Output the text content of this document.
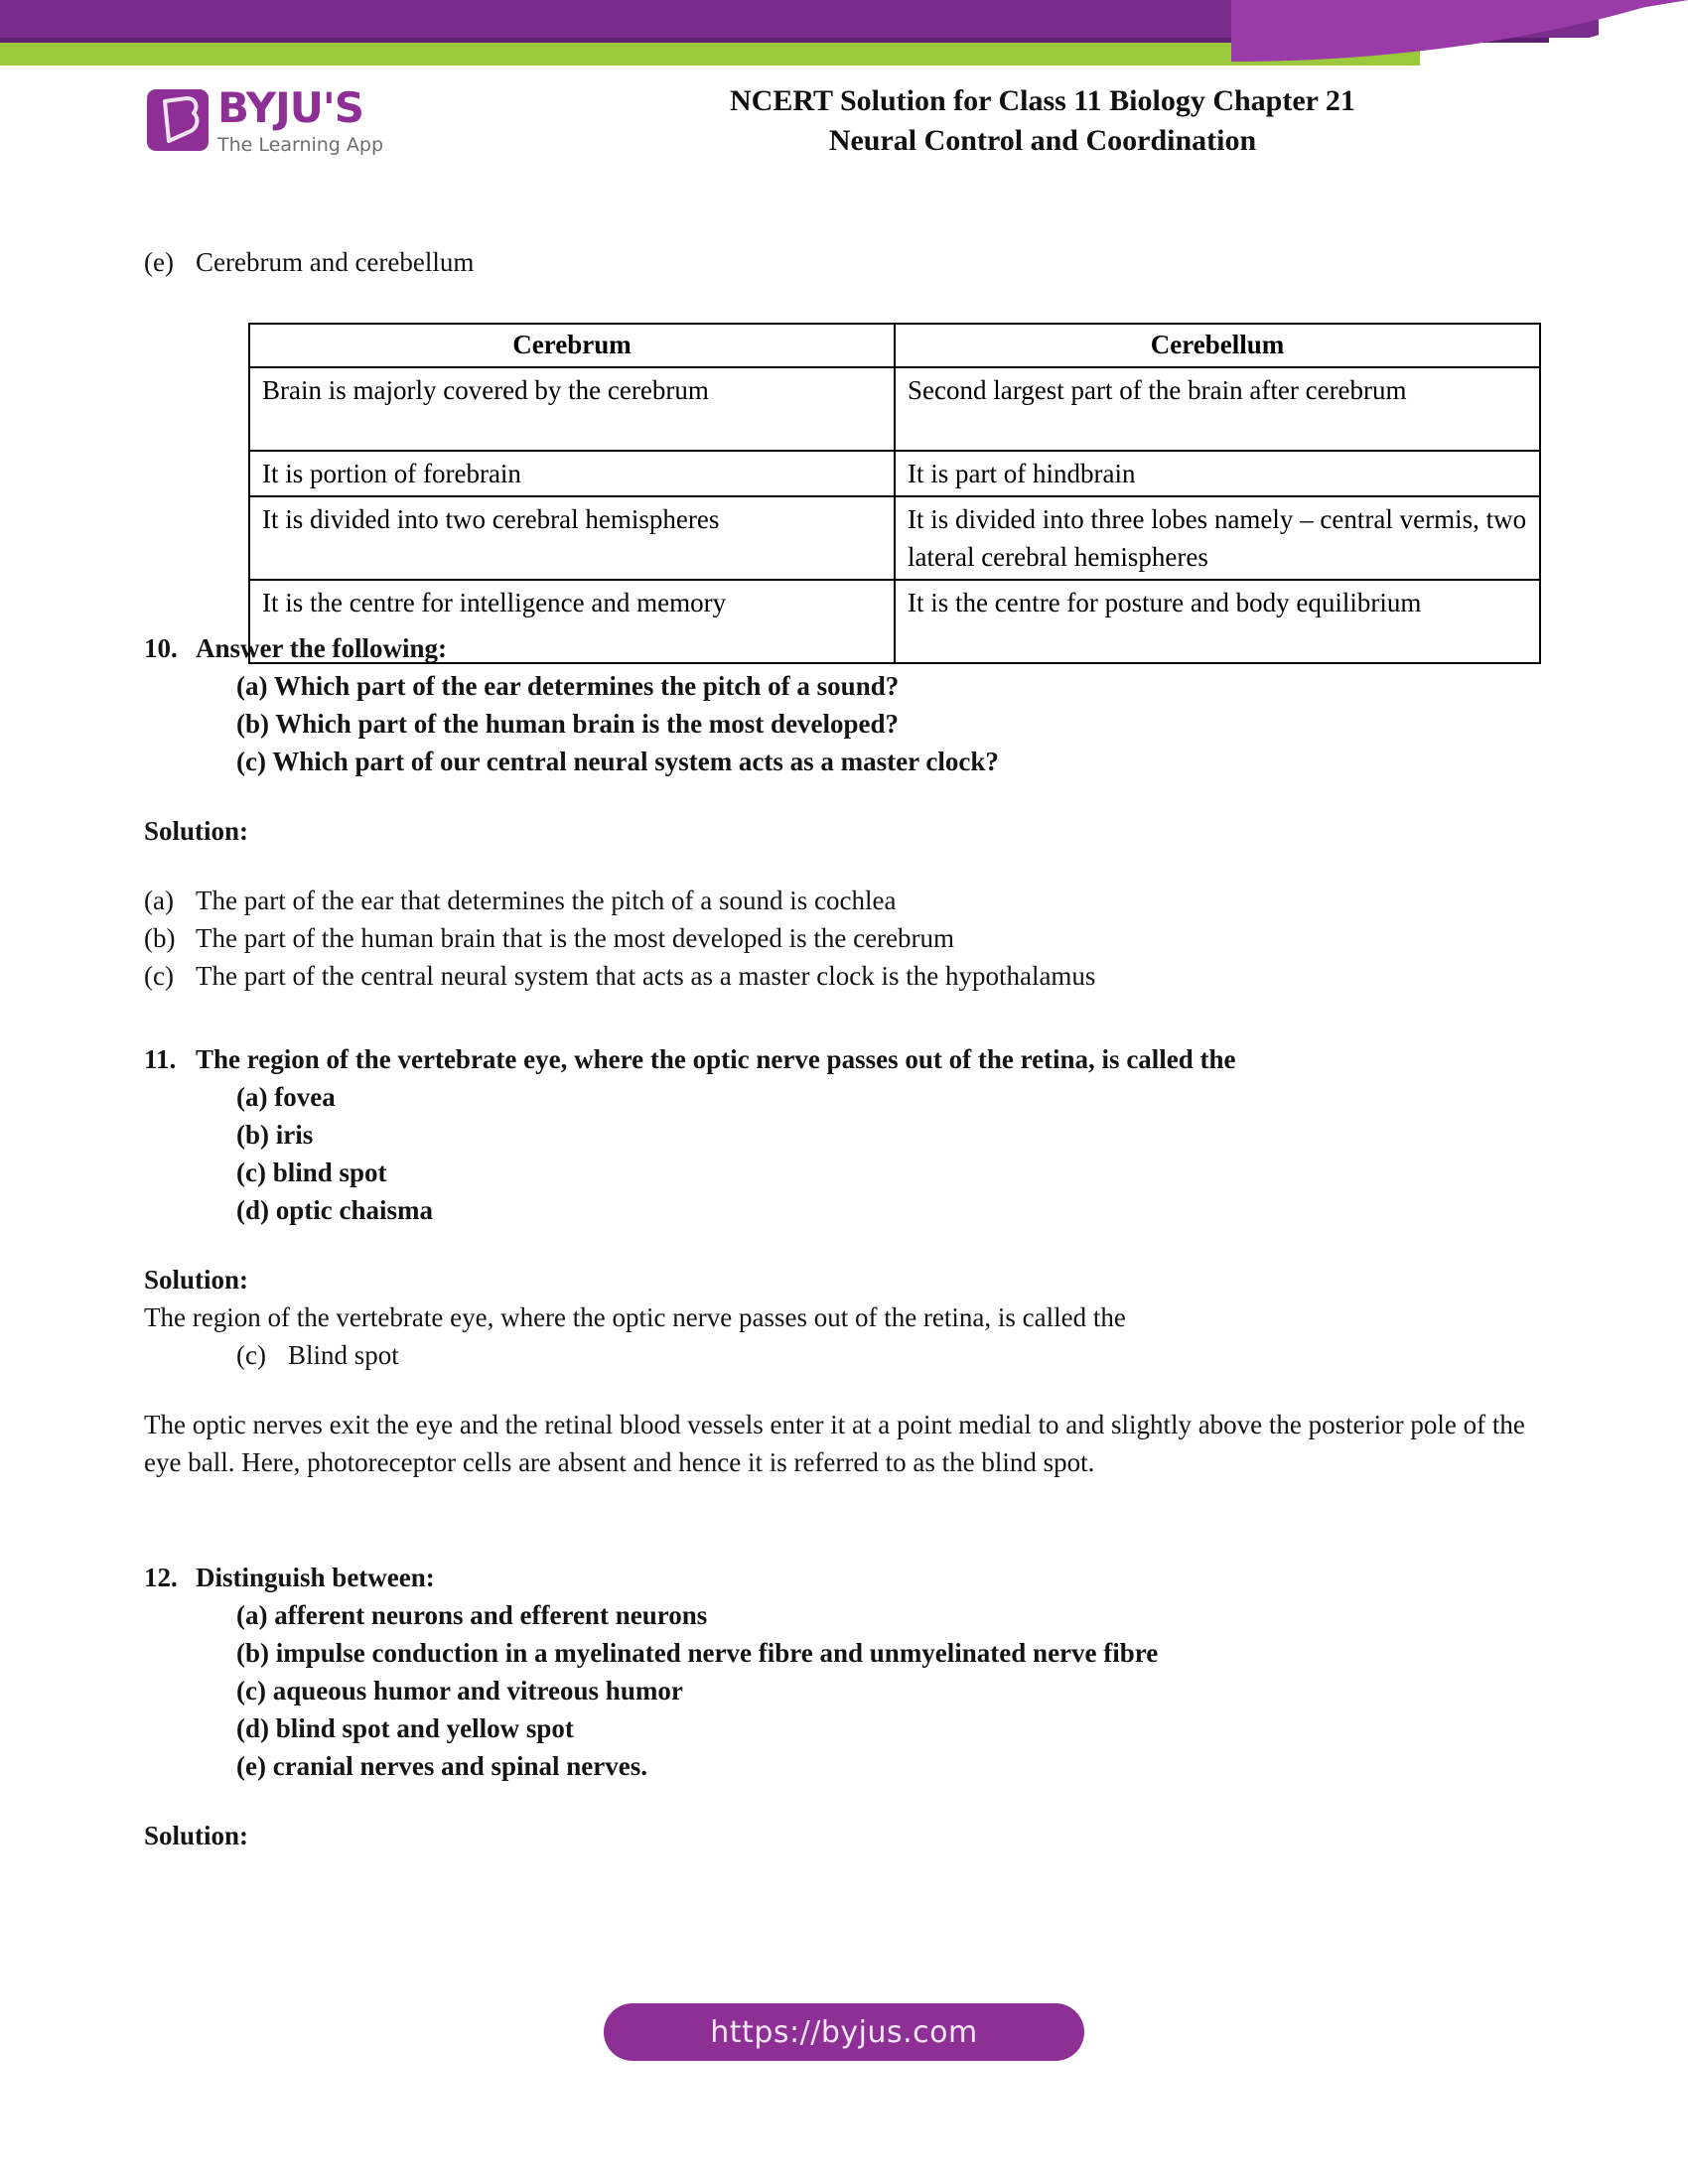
BYJU'S
The Learning App
NCERT Solution for Class 11 Biology Chapter 21
Neural Control and Coordination
(e) Cerebrum and cerebellum
Cerebrum	Cerebellum
Brain is majorly covered by the cerebrum	Second largest part of the brain after cerebrum
It is portion of forebrain	It is part of hindbrain
It is divided into two cerebral hemispheres	It is divided into three lobes namely – central vermis, two lateral cerebral hemispheres
It is the centre for intelligence and memory	It is the centre for posture and body equilibrium
10. Answer the following:
(a) Which part of the ear determines the pitch of a sound?
(b) Which part of the human brain is the most developed?
(c) Which part of our central neural system acts as a master clock?
Solution:
(a) The part of the ear that determines the pitch of a sound is cochlea
(b) The part of the human brain that is the most developed is the cerebrum
(c) The part of the central neural system that acts as a master clock is the hypothalamus
11. The region of the vertebrate eye, where the optic nerve passes out of the retina, is called the
(a) fovea
(b) iris
(c) blind spot
(d) optic chaisma
Solution:
The region of the vertebrate eye, where the optic nerve passes out of the retina, is called the
(c) Blind spot
The optic nerves exit the eye and the retinal blood vessels enter it at a point medial to and slightly above the posterior pole of the eye ball. Here, photoreceptor cells are absent and hence it is referred to as the blind spot.
12. Distinguish between:
(a) afferent neurons and efferent neurons
(b) impulse conduction in a myelinated nerve fibre and unmyelinated nerve fibre
(c) aqueous humor and vitreous humor
(d) blind spot and yellow spot
(e) cranial nerves and spinal nerves.
Solution:
https://byjus.com
